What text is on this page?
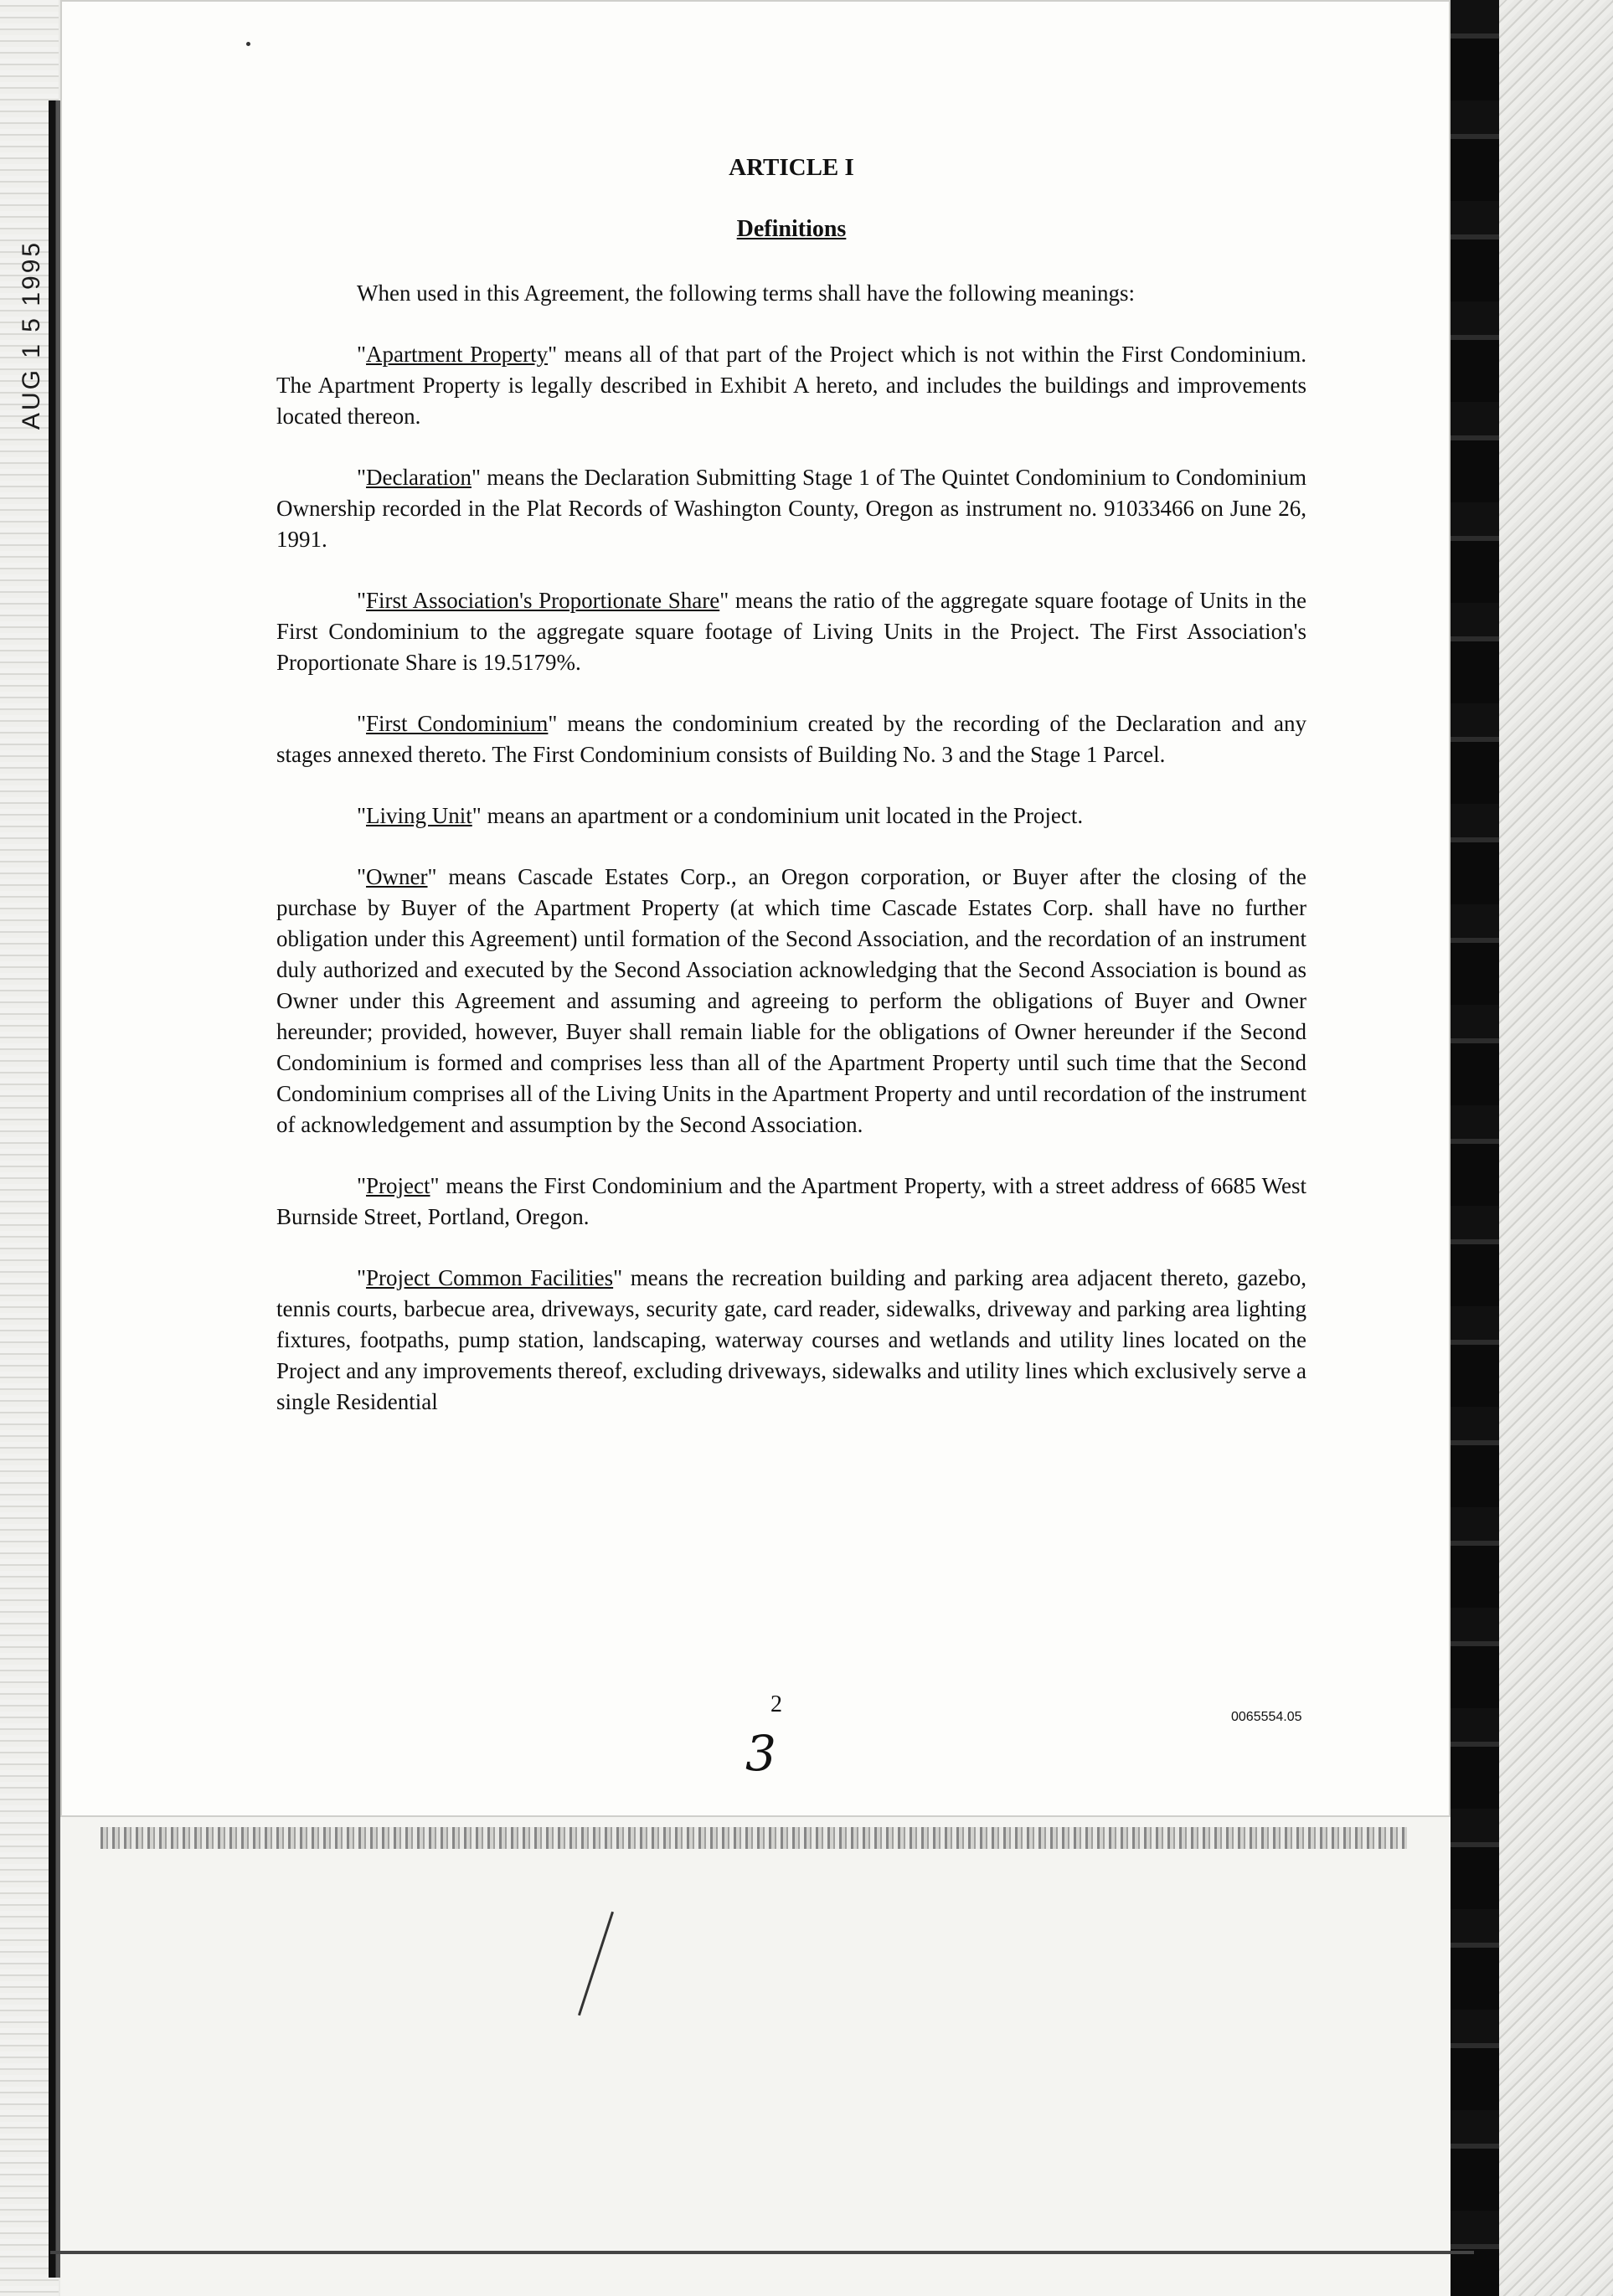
AUG 1 5 1995
ARTICLE I
Definitions

When used in this Agreement, the following terms shall have the following meanings:

"Apartment Property" means all of that part of the Project which is not within the First Condominium. The Apartment Property is legally described in Exhibit A hereto, and includes the buildings and improvements located thereon.

"Declaration" means the Declaration Submitting Stage 1 of The Quintet Condominium to Condominium Ownership recorded in the Plat Records of Washington County, Oregon as instrument no. 91033466 on June 26, 1991.

"First Association's Proportionate Share" means the ratio of the aggregate square footage of Units in the First Condominium to the aggregate square footage of Living Units in the Project. The First Association's Proportionate Share is 19.5179%.

"First Condominium" means the condominium created by the recording of the Declaration and any stages annexed thereto. The First Condominium consists of Building No. 3 and the Stage 1 Parcel.

"Living Unit" means an apartment or a condominium unit located in the Project.

"Owner" means Cascade Estates Corp., an Oregon corporation, or Buyer after the closing of the purchase by Buyer of the Apartment Property (at which time Cascade Estates Corp. shall have no further obligation under this Agreement) until formation of the Second Association, and the recordation of an instrument duly authorized and executed by the Second Association acknowledging that the Second Association is bound as Owner under this Agreement and assuming and agreeing to perform the obligations of Buyer and Owner hereunder; provided, however, Buyer shall remain liable for the obligations of Owner hereunder if the Second Condominium is formed and comprises less than all of the Apartment Property until such time that the Second Condominium comprises all of the Living Units in the Apartment Property and until recordation of the instrument of acknowledgement and assumption by the Second Association.

"Project" means the First Condominium and the Apartment Property, with a street address of 6685 West Burnside Street, Portland, Oregon.

"Project Common Facilities" means the recreation building and parking area adjacent thereto, gazebo, tennis courts, barbecue area, driveways, security gate, card reader, sidewalks, driveway and parking area lighting fixtures, footpaths, pump station, landscaping, waterway courses and wetlands and utility lines located on the Project and any improvements thereof, excluding driveways, sidewalks and utility lines which exclusively serve a single Residential

2
3
0065554.05
